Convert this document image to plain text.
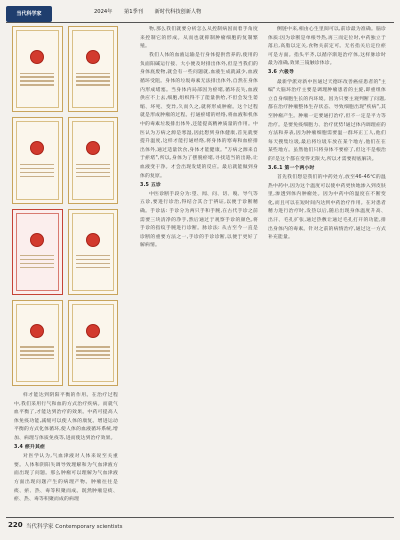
当代科学家	2024年 第1季刊 新时代科技创新人物

样才能达到阴阳平衡的作用。在治疗过程中,我们采用行气和血的方式治疗疾病。而就气血平衡了,才能达到治疗的效果。中药可提高人体免疫功能,减缓可以使人体的康复。增进运动平衡的方式化体循环,使人体的血液循环系统,增加、病理与体质免疫等,进而使达到治疗效果。

3.4 瘀升其症

对医学认为,气血津液对人体来说至关重要。人体和阴阳失调导致理解和为气血津液方面出现了问题。那么肿瘤可以理解为气血津液方面出现问题产生的病理产物。肿瘤往往是痰、瘀、热、毒等积聚而成。既然肿瘤是痰、瘀、热、毒等积聚而成的病理

物,那么我们就要分析怎么从控制病因而着手角度来控制它的形成。从而也就抑制肿瘤细胞的复制繁殖。

我们人体的血液运输是行身体提供营养的,使用的负面阳碱运行接、大小便及时排出体外,但是当我们的身体底废物,就会有一些问题就,血液生成就减少,血液循环受阻。身体的垃圾毒素无法排出体外,自然在身体内形成堵塞。当身体内局部因为瘀堵,循环丧失,血液供应不上去,细胞,组织得不了能量供给,不但会发生萎缩、坏死、变异,久而久之,就将形成肿瘤。这个过程就是形成肿瘤的过程。打通瘀堵的经络,将血液和机体中的毒素垃圾排出体外,还能提高精神质量的作用。中医认为万病之源是寒湿,因此想到身体健康,首先就要提升温度,这样才能打通经络,将身体的寒毒和血瘀排出体外,通过适量饮食,身体才能健康。"万病之源来自于瘀堵",所以,身体为了摆脱瘀堵,寻找适当的出路,让血液变干净。才会出现发烧的反应。最后就能做到身体的复原。

3.5 五诊

中医诊断手段分为:望、闻、问、切、嗅、导气等五诊,要进行诊治,得结合其合于辨证,以便于诊断精确。手诊法: 手诊分为两只手和手腕,在古代手诊之前需要三块清净的净手,然后通过于观察手诊的颜色,将手诊的指纹手腕进行诊断。脉诊法: 从古至今一直是诊断的重要方法之一,手诊的手诊诊断,以便于更好了解病情。

侧链中来,相由心生里阅可以,前诊最为准确。脑诊体质:因为诊断是单根导热,再三而定位时,中药独立于落后,高脂以定关,食物关前定可。无名指关后定位瘀可是方面。指头平齐,以循序渐进治疗体,这样脉诊时最为准确,效果三镜触诊体诊。

3.6 六极导

最新学派对新中医通过天德环改善癌症患者的"主编"大脑环治疗主要是调理肿瘤患者的主旋,即重组体立自身细胞生长的内环境。因为只要主观判断了问题,都在治疗肿瘤整体生存状态、导致细胞出现"疾病",其至肿瘤产生。肿瘤一定要通打治疗,但不一定是平力等治疗。是要免疫细胞力、治疗优势!通过体内调理症的方法和养表,因为肿瘤细胞需要温一群坏正工人,他们每天搜集垃圾,最后将垃圾车放在某个地方,他们在在某些地方。虽然他们只将身体不要瘀了,但这不是根治的!是这个都在变得无限大,所以才需要彻底解决。

3.6.1 第一个两小时

首先我们想是我们的中药处方,放至46-46℃的温热中药中,因为这个温度可以使中药更快地渗入到皮肤里,渗透到体内肿瘤处。因为中药中的温度在不断变化,而且可以在短时间内达到中药治疗作用。在对患者精力进行治疗时,发热以后,随后出现身体温度升高、出汗、毛孔扩张,通过热敷让通过毛孔打开的功能,排出身体内的毒素。针对之前的病情治疗,通过这一方式补充能量。

220 当代科学家 Contemporary scientists
